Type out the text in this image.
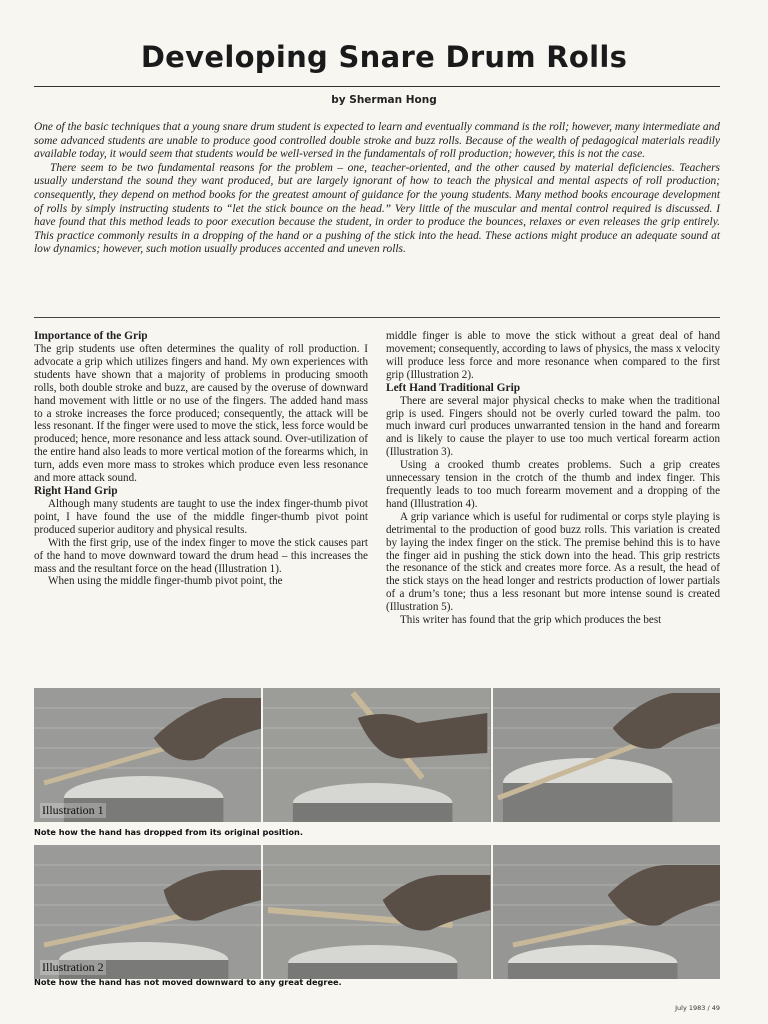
Developing Snare Drum Rolls
by Sherman Hong

One of the basic techniques that a young snare drum student is expected to learn and eventually command is the roll; however, many intermediate and some advanced students are unable to produce good controlled double stroke and buzz rolls. Because of the wealth of pedagogical materials readily available today, it would seem that students would be well-versed in the fundamentals of roll production; however, this is not the case.

There seem to be two fundamental reasons for the problem – one, teacher-oriented, and the other caused by material deficiencies. Teachers usually understand the sound they want produced, but are largely ignorant of how to teach the physical and mental aspects of roll production; consequently, they depend on method books for the greatest amount of guidance for the young students. Many method books encourage development of rolls by simply instructing students to “let the stick bounce on the head.” Very little of the muscular and mental control required is discussed. I have found that this method leads to poor execution because the student, in order to produce the bounces, relaxes or even releases the grip entirely. This practice commonly results in a dropping of the hand or a pushing of the stick into the head. These actions might produce an adequate sound at low dynamics; however, such motion usually produces accented and uneven rolls.

Importance of the Grip

The grip students use often determines the quality of roll production. I advocate a grip which utilizes fingers and hand. My own experiences with students have shown that a majority of problems in producing smooth rolls, both double stroke and buzz, are caused by the overuse of downward hand movement with little or no use of the fingers. The added hand mass to a stroke increases the force produced; consequently, the attack will be less resonant. If the finger were used to move the stick, less force would be produced; hence, more resonance and less attack sound. Over-utilization of the entire hand also leads to more vertical motion of the forearms which, in turn, adds even more mass to strokes which produce even less resonance and more attack sound.

Right Hand Grip

Although many students are taught to use the index finger-thumb pivot point, I have found the use of the middle finger-thumb pivot point produced superior auditory and physical results.

With the first grip, use of the index finger to move the stick causes part of the hand to move downward toward the drum head – this increases the mass and the resultant force on the head (Illustration 1).

When using the middle finger-thumb pivot point, the

middle finger is able to move the stick without a great deal of hand movement; consequently, according to laws of physics, the mass x velocity will produce less force and more resonance when compared to the first grip (Illustration 2).

Left Hand Traditional Grip

There are several major physical checks to make when the traditional grip is used. Fingers should not be overly curled toward the palm. too much inward curl produces unwarranted tension in the hand and forearm and is likely to cause the player to use too much vertical forearm action (Illustration 3).

Using a crooked thumb creates problems. Such a grip creates unnecessary tension in the crotch of the thumb and index finger. This frequently leads to too much forearm movement and a dropping of the hand (Illustration 4).

A grip variance which is useful for rudimental or corps style playing is detrimental to the production of good buzz rolls. This variation is created by laying the index finger on the stick. The premise behind this is to have the finger aid in pushing the stick down into the head. This grip restricts the resonance of the stick and creates more force. As a result, the head of the stick stays on the head longer and restricts production of lower partials of a drum’s tone; thus a less resonant but more intense sound is created (Illustration 5).

This writer has found that the grip which produces the best

Illustration 1
Note how the hand has dropped from its original position.
Illustration 2
Note how the hand has not moved downward to any great degree.
July 1983 / 49
